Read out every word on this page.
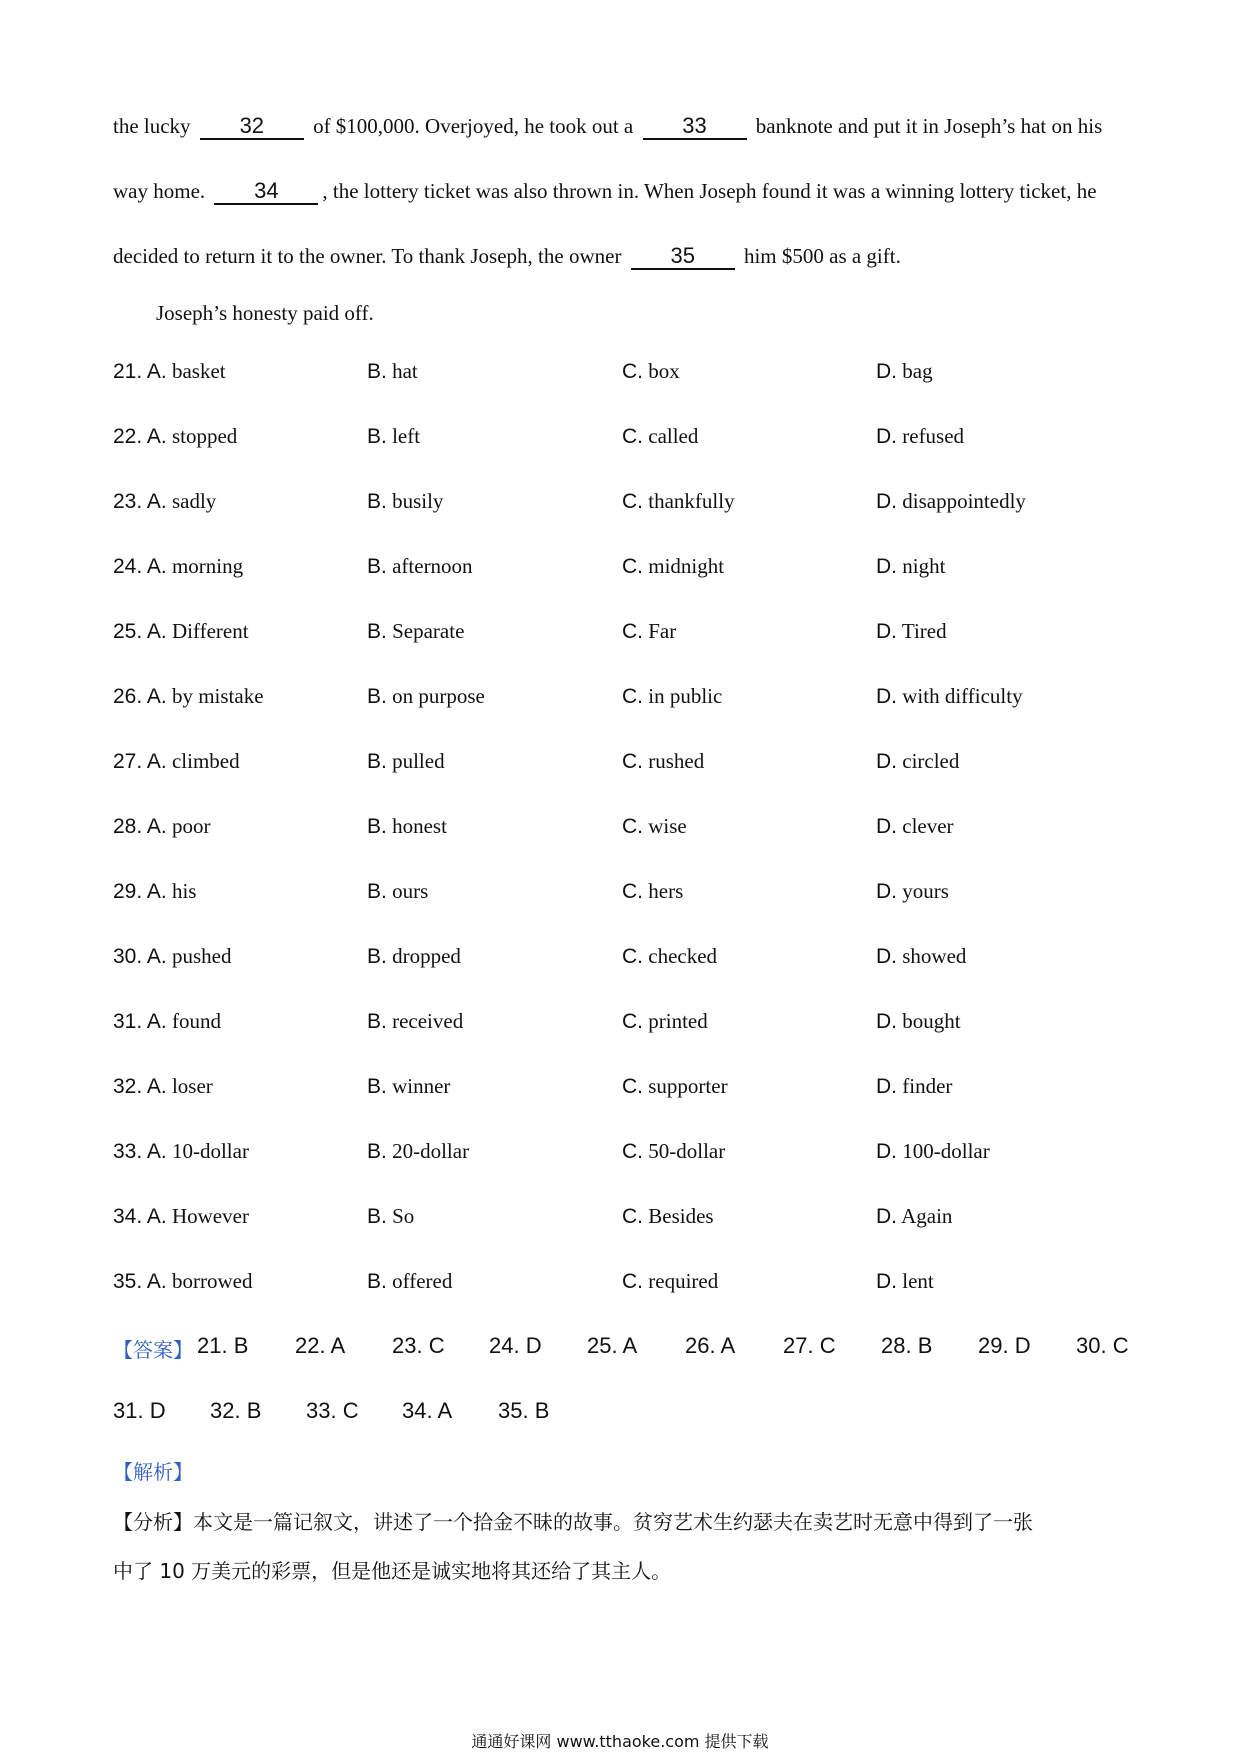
the lucky 32 of $100,000. Overjoyed, he took out a 33 banknote and put it in Joseph’s hat on his
way home. 34 , the lottery ticket was also thrown in. When Joseph found it was a winning lottery ticket, he
decided to return it to the owner. To thank Joseph, the owner 35 him $500 as a gift.
Joseph’s honesty paid off.
21. A. basket	B. hat	C. box	D. bag
22. A. stopped	B. left	C. called	D. refused
23. A. sadly	B. busily	C. thankfully	D. disappointedly
24. A. morning	B. afternoon	C. midnight	D. night
25. A. Different	B. Separate	C. Far	D. Tired
26. A. by mistake	B. on purpose	C. in public	D. with difficulty
27. A. climbed	B. pulled	C. rushed	D. circled
28. A. poor	B. honest	C. wise	D. clever
29. A. his	B. ours	C. hers	D. yours
30. A. pushed	B. dropped	C. checked	D. showed
31. A. found	B. received	C. printed	D. bought
32. A. loser	B. winner	C. supporter	D. finder
33. A. 10-dollar	B. 20-dollar	C. 50-dollar	D. 100-dollar
34. A. However	B. So	C. Besides	D. Again
35. A. borrowed	B. offered	C. required	D. lent
【答案】 21. B 22. A 23. C 24. D 25. A 26. A 27. C 28. B 29. D 30. C
31. D 32. B 33. C 34. A 35. B
【解析】
【分析】本文是一篇记叙文，讲述了一个拾金不昧的故事。贫穷艺术生约瑟夫在卖艺时无意中得到了一张
中了 10 万美元的彩票，但是他还是诚实地将其还给了其主人。
通通好课网 www.tthaoke.com 提供下载
